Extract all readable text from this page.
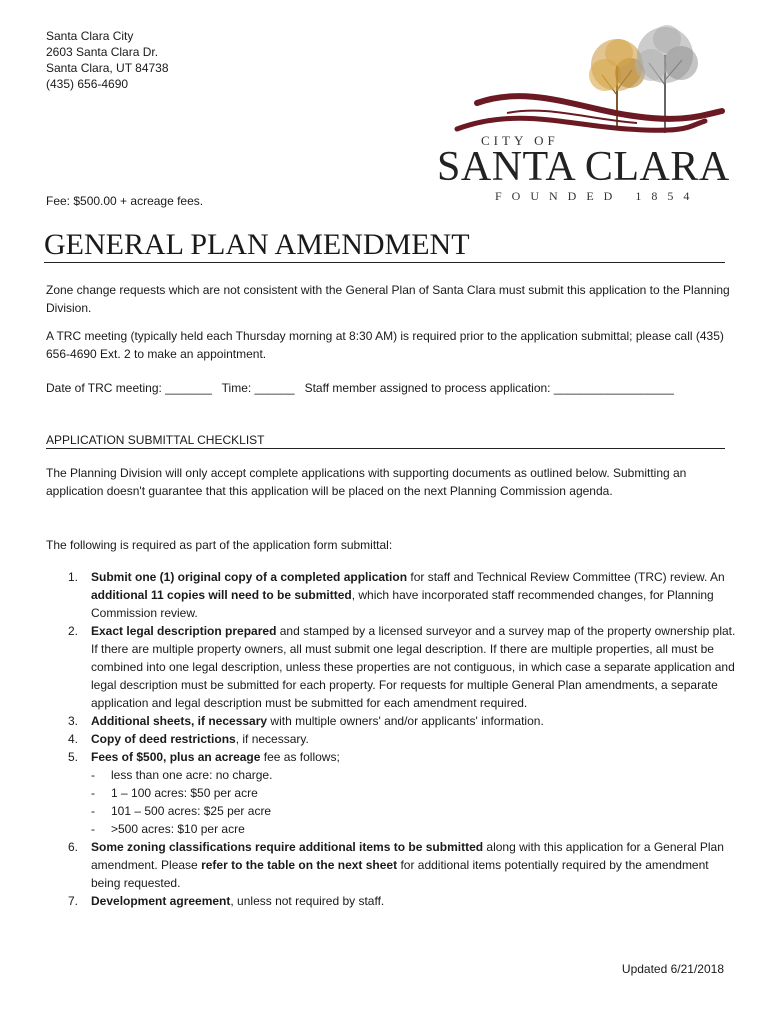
Santa Clara City
2603 Santa Clara Dr.
Santa Clara, UT 84738
(435) 656-4690
CITY OF
SANTA CLARA
FOUNDED 1854
Fee: $500.00 + acreage fees.
GENERAL PLAN AMENDMENT
Zone change requests which are not consistent with the General Plan of Santa Clara must submit this application to the Planning Division.
A TRC meeting (typically held each Thursday morning at 8:30 AM) is required prior to the application submittal; please call (435) 656-4690 Ext. 2 to make an appointment.
Date of TRC meeting: _______   Time: ______   Staff member assigned to process application: __________________
APPLICATION SUBMITTAL CHECKLIST
The Planning Division will only accept complete applications with supporting documents as outlined below. Submitting an application doesn't guarantee that this application will be placed on the next Planning Commission agenda.
The following is required as part of the application form submittal:
1. Submit one (1) original copy of a completed application for staff and Technical Review Committee (TRC) review. An additional 11 copies will need to be submitted, which have incorporated staff recommended changes, for Planning Commission review.
2. Exact legal description prepared and stamped by a licensed surveyor and a survey map of the property ownership plat. If there are multiple property owners, all must submit one legal description. If there are multiple properties, all must be combined into one legal description, unless these properties are not contiguous, in which case a separate application and legal description must be submitted for each property. For requests for multiple General Plan amendments, a separate application and legal description must be submitted for each amendment required.
3. Additional sheets, if necessary with multiple owners' and/or applicants' information.
4. Copy of deed restrictions, if necessary.
5. Fees of $500, plus an acreage fee as follows;
- less than one acre: no charge.
- 1 – 100 acres: $50 per acre
- 101 – 500 acres: $25 per acre
- >500 acres: $10 per acre
6. Some zoning classifications require additional items to be submitted along with this application for a General Plan amendment. Please refer to the table on the next sheet for additional items potentially required by the amendment being requested.
7. Development agreement, unless not required by staff.
Updated 6/21/2018
